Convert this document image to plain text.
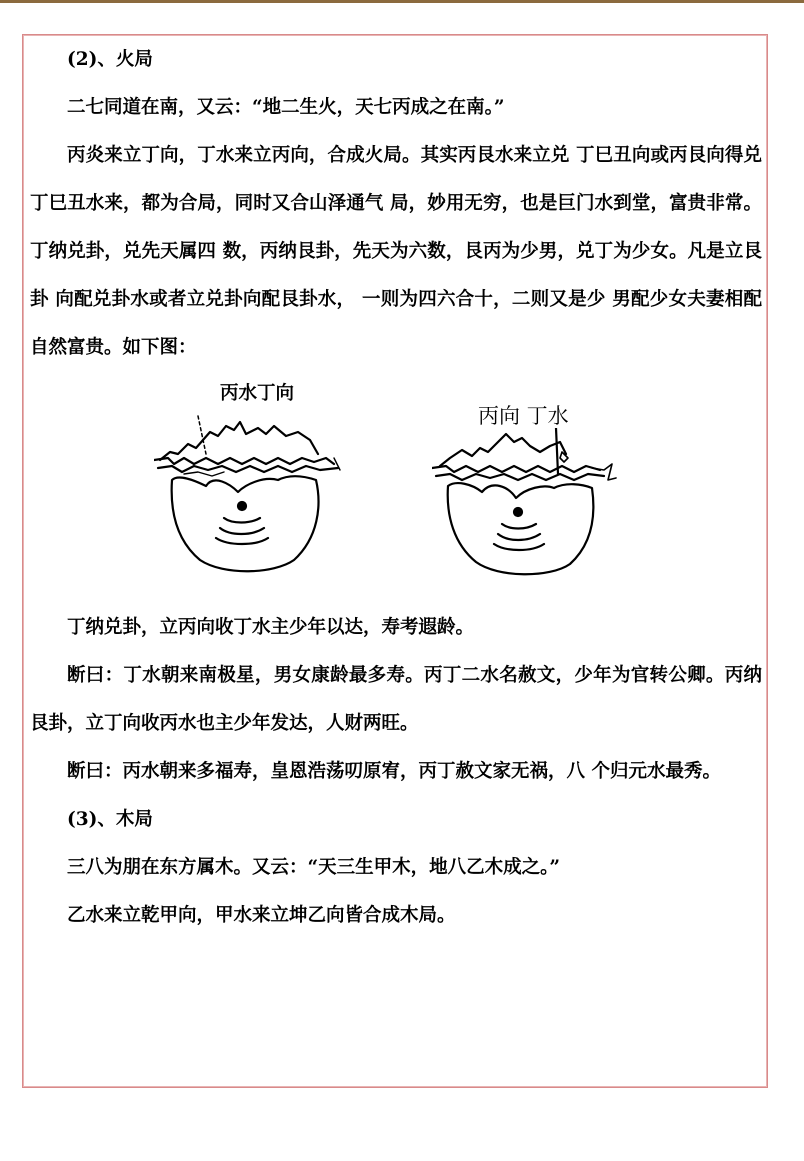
(2)、火局

二七同道在南，又云：“地二生火，天七丙成之在南。”

丙炎来立丁向，丁水来立丙向，合成火局。其实丙艮水来立兑 丁巳丑向或丙艮向得兑丁巳丑水来，都为合局，同时又合山泽通气 局，妙用无穷，也是巨门水到堂，富贵非常。丁纳兑卦，兑先天属四 数，丙纳艮卦，先天为六数，艮丙为少男，兑丁为少女。凡是立艮卦 向配兑卦水或者立兑卦向配艮卦水， 一则为四六合十，二则又是少 男配少女夫妻相配自然富贵。如下图：

丙水丁向
丙向 丁水

丁纳兑卦，立丙向收丁水主少年以达，寿考遐龄。

断曰：丁水朝来南极星，男女康龄最多寿。丙丁二水名赦文，少年为官转公卿。丙纳艮卦，立丁向收丙水也主少年发达，人财两旺。

断曰：丙水朝来多福寿，皇恩浩荡叨原宥，丙丁赦文家无祸，八 个归元水最秀。

(3)、木局

三八为朋在东方属木。又云：“天三生甲木，地八乙木成之。”

乙水来立乾甲向，甲水来立坤乙向皆合成木局。
